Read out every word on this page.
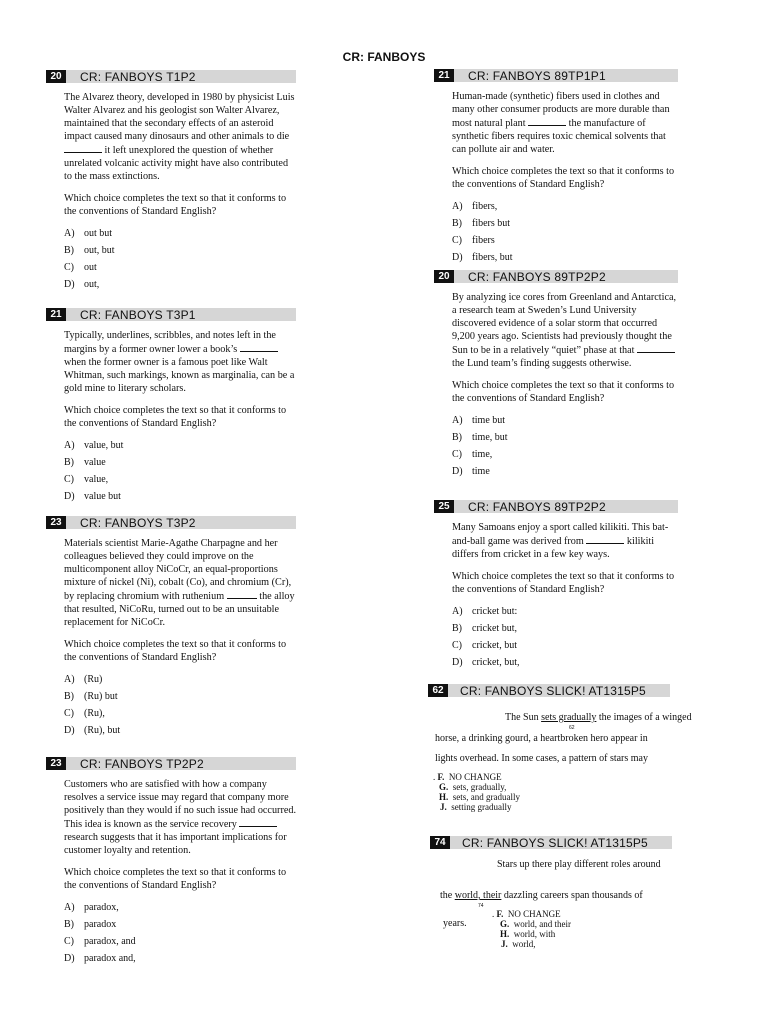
CR: FANBOYS
20	CR: FANBOYS T1P2
The Alvarez theory, developed in 1980 by physicist Luis Walter Alvarez and his geologist son Walter Alvarez, maintained that the secondary effects of an asteroid impact caused many dinosaurs and other animals to die  it left unexplored the question of whether unrelated volcanic activity might have also contributed to the mass extinctions.
Which choice completes the text so that it conforms to the conventions of Standard English?
A) out but
B)	out, but
C)	out
D) out,
21	CR: FANBOYS T3P1
Typically, underlines, scribbles, and notes left in the margins by a former owner lower a book’s  when the former owner is a famous poet like Walt Whitman, such markings, known as marginalia, can be a gold mine to literary scholars.
Which choice completes the text so that it conforms to the conventions of Standard English?
A) value, but
B)	value
C)	value,
D) value but
23	CR: FANBOYS T3P2
Materials scientist Marie-Agathe Charpagne and her colleagues believed they could improve on the multicomponent alloy NiCoCr, an equal-proportions mixture of nickel (Ni), cobalt (Co), and chromium (Cr), by replacing chromium with ruthenium	the alloy that resulted, NiCoRu, turned out to be an unsuitable replacement for NiCoCr.
Which choice completes the text so that it conforms to the conventions of Standard English?
A) (Ru)
B)	(Ru) but
C)	(Ru),
D) (Ru), but
23	CR: FANBOYS TP2P2
Customers who are satisfied with how a company resolves a service issue may regard that company more positively than they would if no such issue had occurred. This idea is known as the service recovery  research suggests that it has important implications for customer loyalty and retention.
Which choice completes the text so that it conforms to the conventions of Standard English?
A) paradox,
B)	paradox
C)	paradox, and
D) paradox and,
21	CR: FANBOYS 89TP1P1
Human-made (synthetic) fibers used in clothes and many other consumer products are more durable than most natural plant	the manufacture of synthetic fibers requires toxic chemical solvents that can pollute air and water.
Which choice completes the text so that it conforms to the conventions of Standard English?
A) fibers,
B)	fibers but
C)	fibers
D) fibers, but
20	CR: FANBOYS 89TP2P2
By analyzing ice cores from Greenland and Antarctica, a research team at Sweden’s Lund University discovered evidence of a solar storm that occurred 9,200 years ago. Scientists had previously thought the Sun to be in a relatively “quiet” phase at that  the Lund team’s finding suggests otherwise.
Which choice completes the text so that it conforms to the conventions of Standard English?
A) time but
B)	time, but
C)	time,
D) time
25	CR: FANBOYS 89TP2P2
Many Samoans enjoy a sport called kilikiti. This bat-and-ball game was derived from	kilikiti differs from cricket in a few key ways.
Which choice completes the text so that it conforms to the conventions of Standard English?
A) cricket but:
B)	cricket but,
C)	cricket, but
D) cricket, but,
62	CR: FANBOYS SLICK! AT1315P5
The Sun sets gradually the images of a winged
62
horse, a drinking gourd, a heartbroken hero appear in
lights overhead. In some cases, a pattern of stars may
. F. NO CHANGE
G. sets, gradually,
H. sets, and gradually
J. setting gradually
74	CR: FANBOYS SLICK! AT1315P5
Stars up there play different roles around
the world, their dazzling careers span thousands of
74
years.
. F. NO CHANGE
G. world, and their
H. world, with
J. world,
